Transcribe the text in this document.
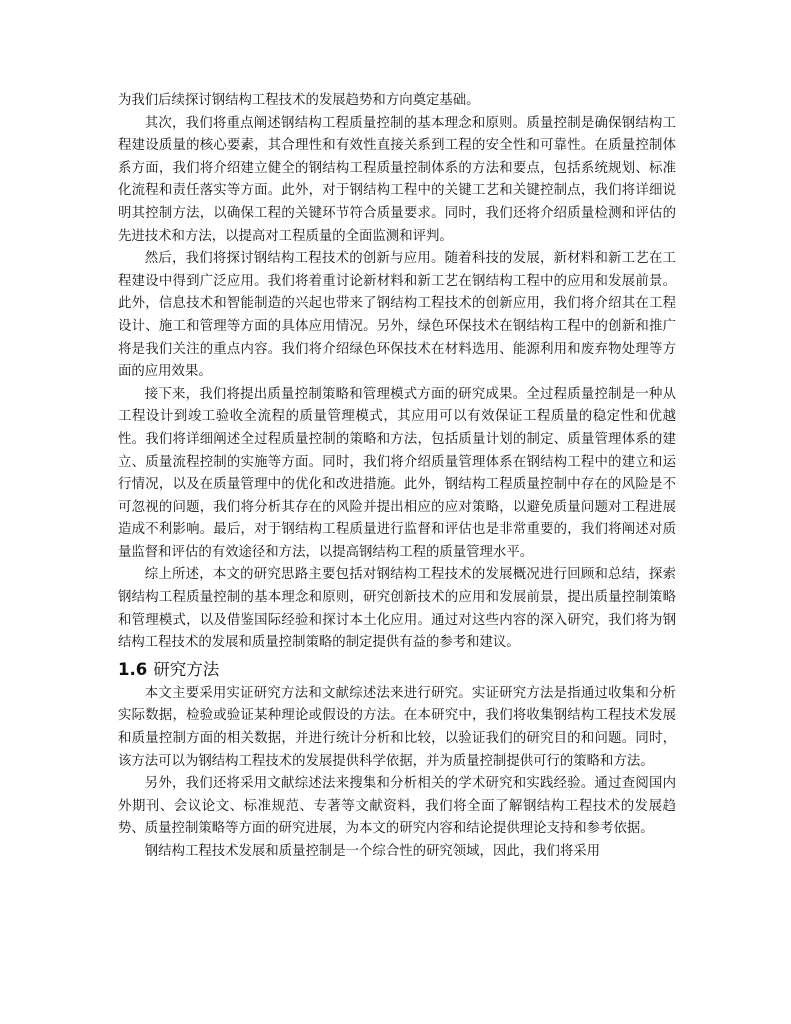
为我们后续探讨钢结构工程技术的发展趋势和方向奠定基础。

其次，我们将重点阐述钢结构工程质量控制的基本理念和原则。质量控制是确保钢结构工程建设质量的核心要素，其合理性和有效性直接关系到工程的安全性和可靠性。在质量控制体系方面，我们将介绍建立健全的钢结构工程质量控制体系的方法和要点，包括系统规划、标准化流程和责任落实等方面。此外，对于钢结构工程中的关键工艺和关键控制点，我们将详细说明其控制方法，以确保工程的关键环节符合质量要求。同时，我们还将介绍质量检测和评估的先进技术和方法，以提高对工程质量的全面监测和评判。

然后，我们将探讨钢结构工程技术的创新与应用。随着科技的发展，新材料和新工艺在工程建设中得到广泛应用。我们将着重讨论新材料和新工艺在钢结构工程中的应用和发展前景。此外，信息技术和智能制造的兴起也带来了钢结构工程技术的创新应用，我们将介绍其在工程设计、施工和管理等方面的具体应用情况。另外，绿色环保技术在钢结构工程中的创新和推广将是我们关注的重点内容。我们将介绍绿色环保技术在材料选用、能源利用和废弃物处理等方面的应用效果。

接下来，我们将提出质量控制策略和管理模式方面的研究成果。全过程质量控制是一种从工程设计到竣工验收全流程的质量管理模式，其应用可以有效保证工程质量的稳定性和优越性。我们将详细阐述全过程质量控制的策略和方法，包括质量计划的制定、质量管理体系的建立、质量流程控制的实施等方面。同时，我们将介绍质量管理体系在钢结构工程中的建立和运行情况，以及在质量管理中的优化和改进措施。此外，钢结构工程质量控制中存在的风险是不可忽视的问题，我们将分析其存在的风险并提出相应的应对策略，以避免质量问题对工程进展造成不利影响。最后，对于钢结构工程质量进行监督和评估也是非常重要的，我们将阐述对质量监督和评估的有效途径和方法，以提高钢结构工程的质量管理水平。

综上所述，本文的研究思路主要包括对钢结构工程技术的发展概况进行回顾和总结，探索钢结构工程质量控制的基本理念和原则，研究创新技术的应用和发展前景，提出质量控制策略和管理模式，以及借鉴国际经验和探讨本土化应用。通过对这些内容的深入研究，我们将为钢结构工程技术的发展和质量控制策略的制定提供有益的参考和建议。

1.6 研究方法

本文主要采用实证研究方法和文献综述法来进行研究。实证研究方法是指通过收集和分析实际数据，检验或验证某种理论或假设的方法。在本研究中，我们将收集钢结构工程技术发展和质量控制方面的相关数据，并进行统计分析和比较，以验证我们的研究目的和问题。同时，该方法可以为钢结构工程技术的发展提供科学依据，并为质量控制提供可行的策略和方法。

另外，我们还将采用文献综述法来搜集和分析相关的学术研究和实践经验。通过查阅国内外期刊、会议论文、标准规范、专著等文献资料，我们将全面了解钢结构工程技术的发展趋势、质量控制策略等方面的研究进展，为本文的研究内容和结论提供理论支持和参考依据。

钢结构工程技术发展和质量控制是一个综合性的研究领域，因此，我们将采用
